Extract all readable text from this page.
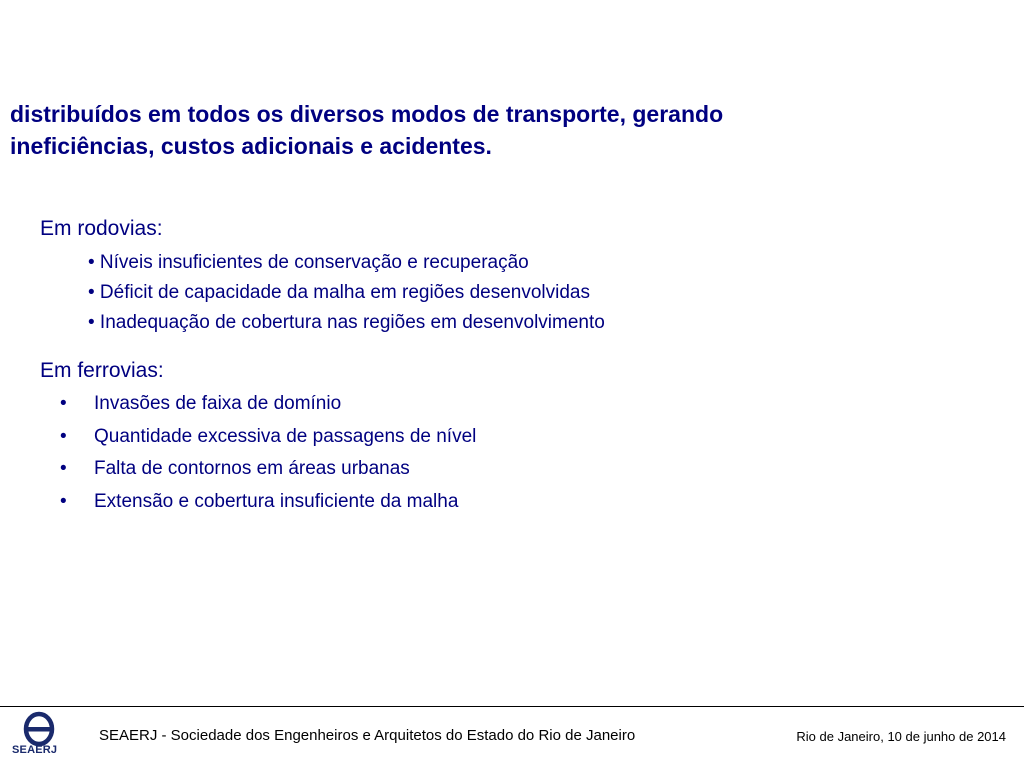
distribuídos em todos os diversos modos de transporte, gerando
ineficiências, custos adicionais e acidentes.
Em rodovias:
• Níveis insuficientes de conservação e recuperação
• Déficit de capacidade da malha em regiões desenvolvidas
• Inadequação de cobertura nas regiões em desenvolvimento
Em ferrovias:
• Invasões de faixa de domínio
• Quantidade excessiva de passagens de nível
• Falta de contornos em áreas urbanas
• Extensão e cobertura insuficiente da malha
SEAERJ
SEAERJ - Sociedade dos Engenheiros e Arquitetos do Estado do Rio de Janeiro	Rio de Janeiro, 10 de junho de 2014
